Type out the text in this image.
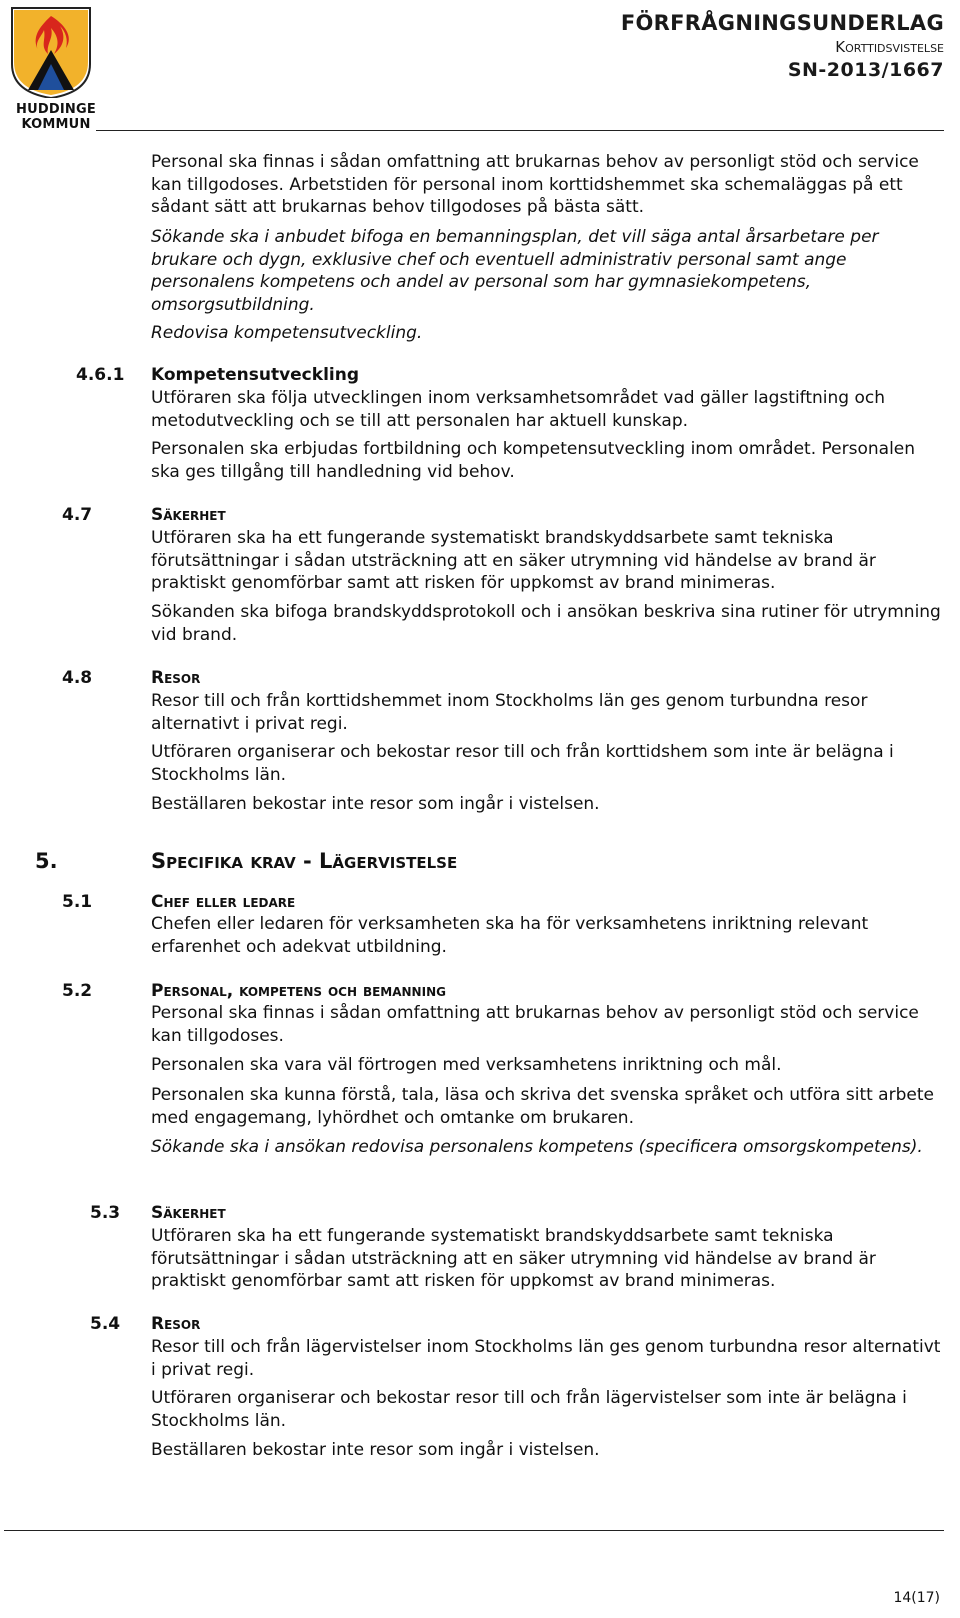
HUDDINGE
KOMMUN
FÖRFRÅGNINGSUNDERLAG
Korttidsvistelse
SN-2013/1667

Personal ska finnas i sådan omfattning att brukarnas behov av personligt stöd och service kan tillgodoses. Arbetstiden för personal inom korttidshemmet ska schemaläggas på ett sådant sätt att brukarnas behov tillgodoses på bästa sätt.

Sökande ska i anbudet bifoga en bemanningsplan, det vill säga antal årsarbetare per brukare och dygn, exklusive chef och eventuell administrativ personal samt ange personalens kompetens och andel av personal som har gymnasiekompetens, omsorgsutbildning.

Redovisa kompetensutveckling.

4.6.1 Kompetensutveckling

Utföraren ska följa utvecklingen inom verksamhetsområdet vad gäller lagstiftning och metodutveckling och se till att personalen har aktuell kunskap.

Personalen ska erbjudas fortbildning och kompetensutveckling inom området. Personalen ska ges tillgång till handledning vid behov.

4.7	Säkerhet

Utföraren ska ha ett fungerande systematiskt brandskyddsarbete samt tekniska förutsättningar i sådan utsträckning att en säker utrymning vid händelse av brand är praktiskt genomförbar samt att risken för uppkomst av brand minimeras.

Sökanden ska bifoga brandskyddsprotokoll och i ansökan beskriva sina rutiner för utrymning vid brand.

4.8	Resor

Resor till och från korttidshemmet inom Stockholms län ges genom turbundna resor alternativt i privat regi.

Utföraren organiserar och bekostar resor till och från korttidshem som inte är belägna i Stockholms län.

Beställaren bekostar inte resor som ingår i vistelsen.

5.	Specifika krav - Lägervistelse
5.1	Chef eller ledare

Chefen eller ledaren för verksamheten ska ha för verksamhetens inriktning relevant erfarenhet och adekvat utbildning.

5.2	Personal, kompetens och bemanning

Personal ska finnas i sådan omfattning att brukarnas behov av personligt stöd och service kan tillgodoses.

Personalen ska vara väl förtrogen med verksamhetens inriktning och mål.

Personalen ska kunna förstå, tala, läsa och skriva det svenska språket och utföra sitt arbete med engagemang, lyhördhet och omtanke om brukaren.

Sökande ska i ansökan redovisa personalens kompetens (specificera omsorgskompetens).

5.3 Säkerhet

Utföraren ska ha ett fungerande systematiskt brandskyddsarbete samt tekniska förutsättningar i sådan utsträckning att en säker utrymning vid händelse av brand är praktiskt genomförbar samt att risken för uppkomst av brand minimeras.

5.4 Resor

Resor till och från lägervistelser inom Stockholms län ges genom turbundna resor alternativt i privat regi.

Utföraren organiserar och bekostar resor till och från lägervistelser som inte är belägna i Stockholms län.

Beställaren bekostar inte resor som ingår i vistelsen.

14(17)
